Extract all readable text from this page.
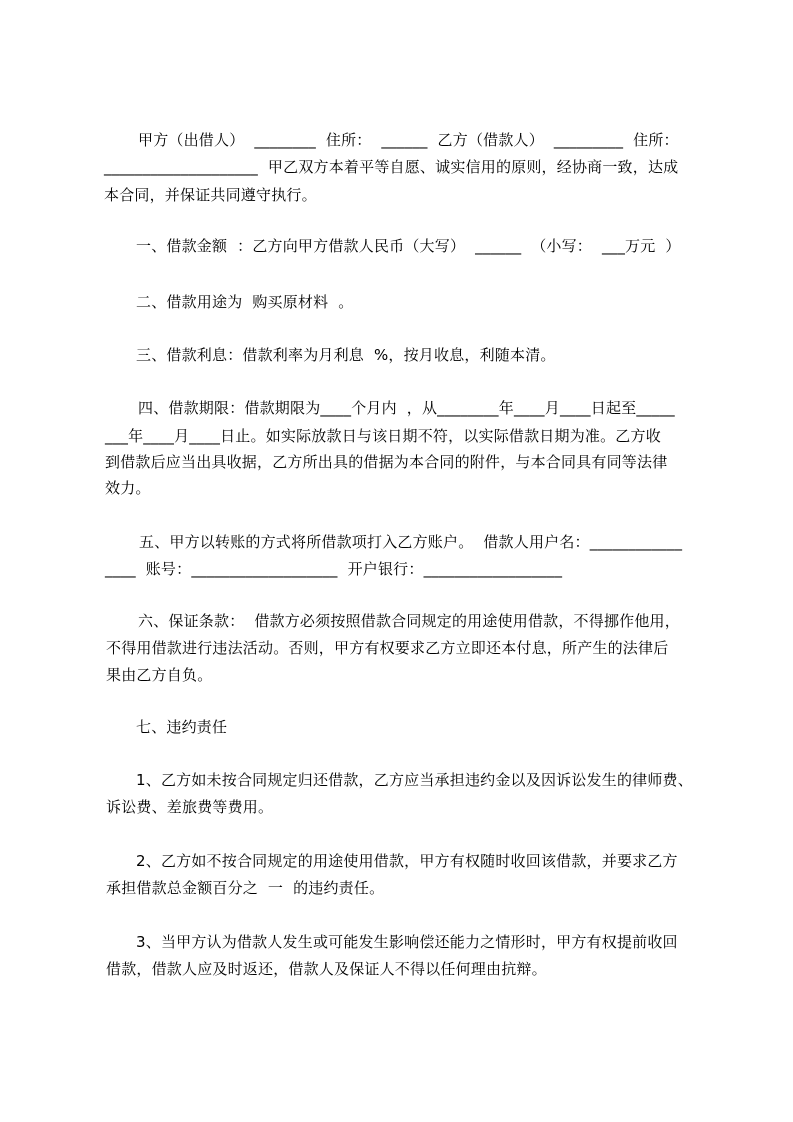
甲方（出借人）  ________  住所：  ______  乙方（借款人）  _________  住所：
____________________  甲乙双方本着平等自愿、诚实信用的原则，经协商一致，达成
本合同，并保证共同遵守执行。
一、借款金额  ：乙方向甲方借款人民币（大写）  ______  （小写：  ___万元  ）
二、借款用途为  购买原材料  。
三、借款利息：借款利率为月利息  %，按月收息，利随本清。
四、借款期限：借款期限为____个月内  ，从________年____月____日起至_____
___年____月____日止。如实际放款日与该日期不符，以实际借款日期为准。乙方收
到借款后应当出具收据，乙方所出具的借据为本合同的附件，与本合同具有同等法律
效力。
五、甲方以转账的方式将所借款项打入乙方账户。  借款人用户名：____________
____  账号：___________________  开户银行：__________________
六、保证条款：  借款方必须按照借款合同规定的用途使用借款，不得挪作他用，
不得用借款进行违法活动。否则，甲方有权要求乙方立即还本付息，所产生的法律后
果由乙方自负。
七、违约责任
1、乙方如未按合同规定归还借款，乙方应当承担违约金以及因诉讼发生的律师费、
诉讼费、差旅费等费用。
2、乙方如不按合同规定的用途使用借款，甲方有权随时收回该借款，并要求乙方
承担借款总金额百分之  一  的违约责任。
3、当甲方认为借款人发生或可能发生影响偿还能力之情形时，甲方有权提前收回
借款，借款人应及时返还，借款人及保证人不得以任何理由抗辩。
